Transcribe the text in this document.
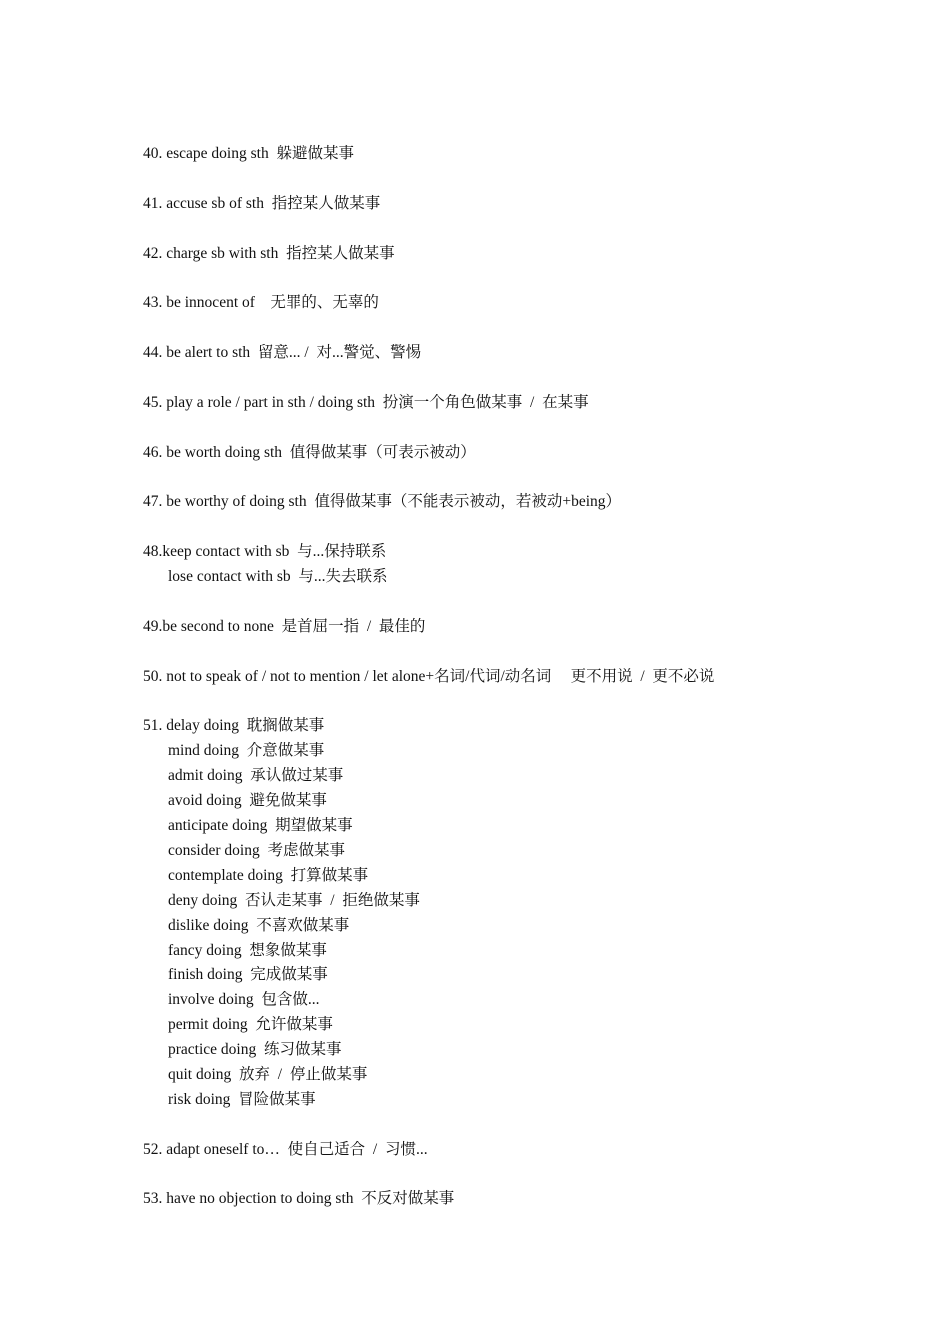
40. escape doing sth  躲避做某事
41. accuse sb of sth  指控某人做某事
42. charge sb with sth  指控某人做某事
43. be innocent of    无罪的、无辜的
44. be alert to sth  留意... /  对...警觉、警惕
45. play a role / part in sth / doing sth  扮演一个角色做某事  /  在某事
46. be worth doing sth  值得做某事（可表示被动）
47. be worthy of doing sth  值得做某事（不能表示被动，若被动+being）
48.keep contact with sb  与...保持联系
lose contact with sb  与...失去联系
49.be second to none  是首屈一指  /  最佳的
50. not to speak of / not to mention / let alone+名词/代词/动名词     更不用说  /  更不必说
51. delay doing  耽搁做某事
mind doing  介意做某事
admit doing  承认做过某事
avoid doing  避免做某事
anticipate doing  期望做某事
consider doing  考虑做某事
contemplate doing  打算做某事
deny doing  否认走某事  /  拒绝做某事
dislike doing  不喜欢做某事
fancy doing  想象做某事
finish doing  完成做某事
involve doing  包含做...
permit doing  允许做某事
practice doing  练习做某事
quit doing  放弃  /  停止做某事
risk doing  冒险做某事
52. adapt oneself to…  使自己适合  /  习惯...
53. have no objection to doing sth  不反对做某事
